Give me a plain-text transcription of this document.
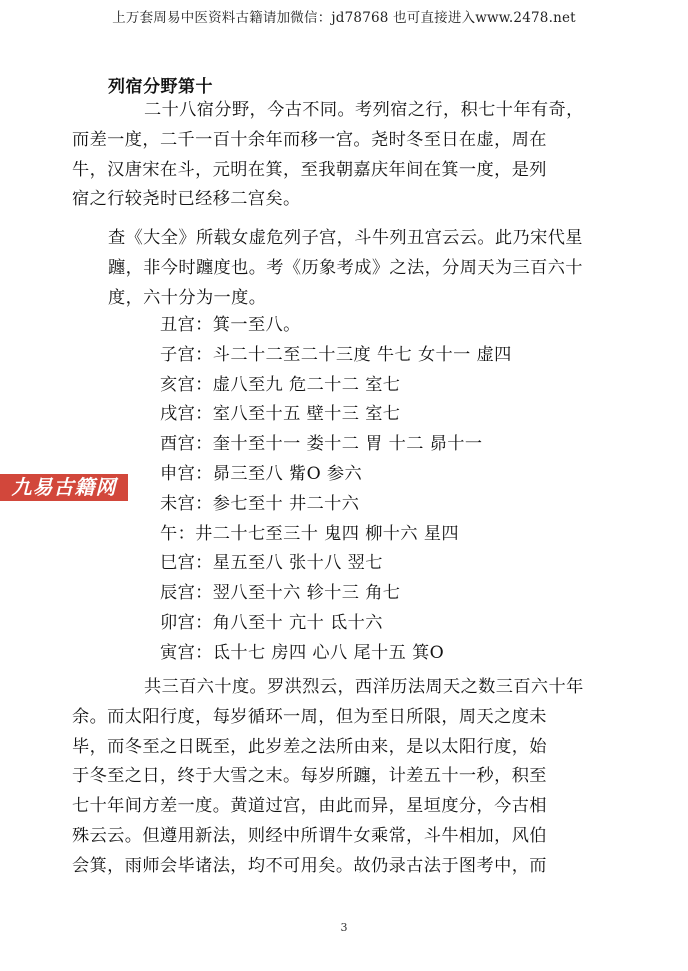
上万套周易中医资料古籍请加微信：jd78768 也可直接进入www.2478.net
九易古籍网
列宿分野第十

二十八宿分野，今古不同。考列宿之行，积七十年有奇，
而差一度，二千一百十余年而移一宫。尧时冬至日在虚，周在
牛，汉唐宋在斗，元明在箕，至我朝嘉庆年间在箕一度，是列
宿之行较尧时已经移二宫矣。

查《大全》所载女虚危列子宫，斗牛列丑宫云云。此乃宋代星
躔，非今时躔度也。考《历象考成》之法，分周天为三百六十
度，六十分为一度。

丑宫：箕一至八。
子宫：斗二十二至二十三度 牛七 女十一 虚四
亥宫：虚八至九 危二十二 室七
戌宫：室八至十五 壁十三 室七
酉宫：奎十至十一 娄十二 胃 十二 昴十一
申宫：昴三至八 觜O 参六
未宫：参七至十 井二十六
午：井二十七至三十 鬼四 柳十六 星四
巳宫：星五至八 张十八 翌七
辰宫：翌八至十六 轸十三 角七
卯宫：角八至十 亢十 氐十六
寅宫：氐十七 房四 心八 尾十五 箕O

共三百六十度。罗洪烈云，西洋历法周天之数三百六十年
余。而太阳行度，每岁循环一周，但为至日所限，周天之度未
毕，而冬至之日既至，此岁差之法所由来，是以太阳行度，始
于冬至之日，终于大雪之末。每岁所躔，计差五十一秒，积至
七十年间方差一度。黄道过宫，由此而异，星垣度分，今古相
殊云云。但遵用新法，则经中所谓牛女乘常，斗牛相加，风伯
会箕，雨师会毕诸法，均不可用矣。故仍录古法于图考中，而

3
